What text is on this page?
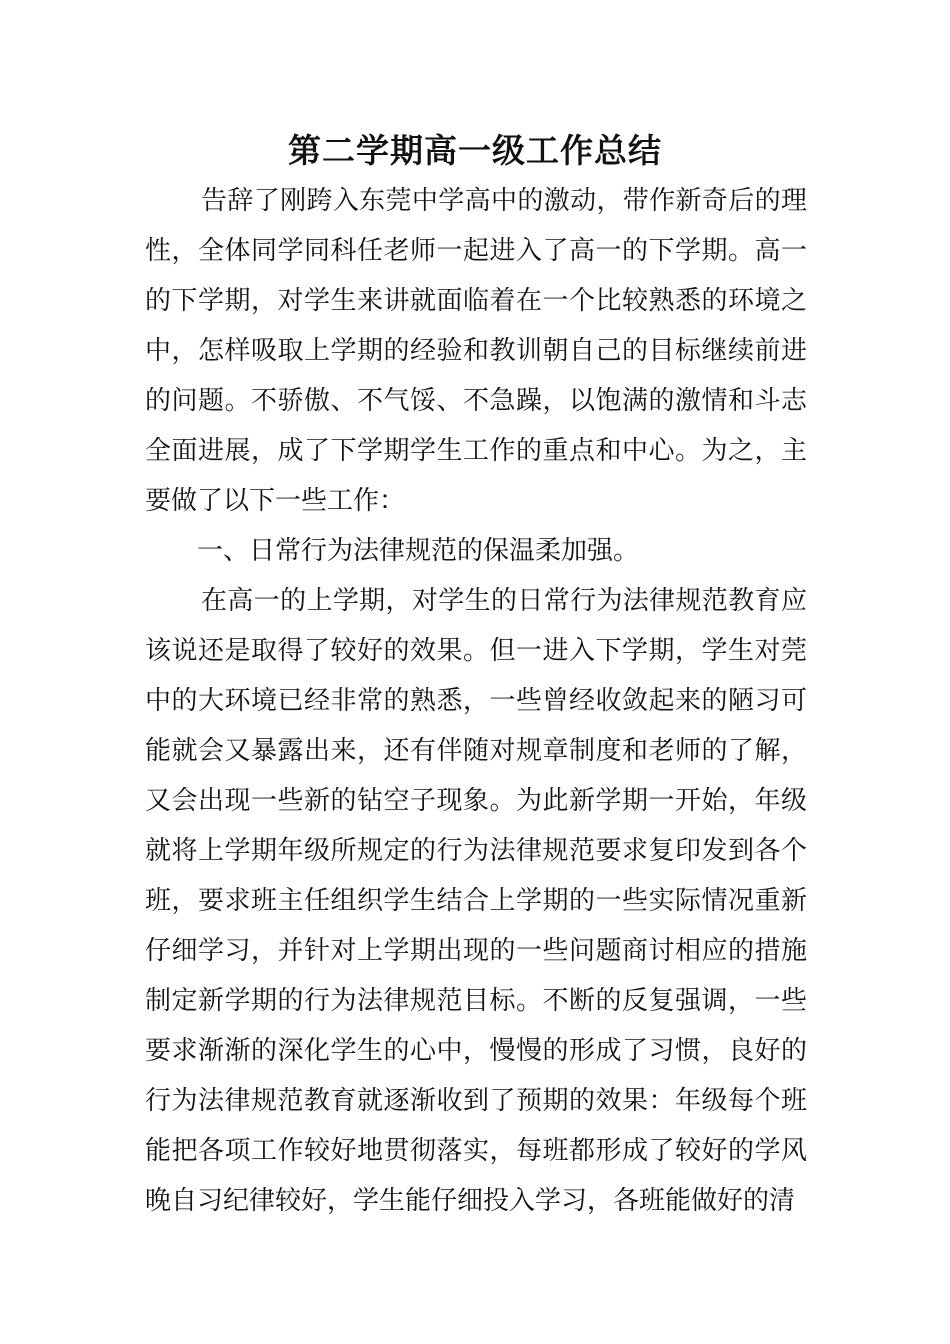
第二学期高一级工作总结

告辞了刚跨入东莞中学高中的激动，带作新奇后的理性，全体同学同科任老师一起进入了高一的下学期。高一的下学期，对学生来讲就面临着在一个比较熟悉的环境之中，怎样吸取上学期的经验和教训朝自己的目标继续前进的问题。不骄傲、不气馁、不急躁，以饱满的激情和斗志全面进展，成了下学期学生工作的重点和中心。为之，主要做了以下一些工作：

一、日常行为法律规范的保温柔加强。

在高一的上学期，对学生的日常行为法律规范教育应该说还是取得了较好的效果。但一进入下学期，学生对莞中的大环境已经非常的熟悉，一些曾经收敛起来的陋习可能就会又暴露出来，还有伴随对规章制度和老师的了解，又会出现一些新的钻空子现象。为此新学期一开始，年级就将上学期年级所规定的行为法律规范要求复印发到各个班，要求班主任组织学生结合上学期的一些实际情况重新仔细学习，并针对上学期出现的一些问题商讨相应的措施制定新学期的行为法律规范目标。不断的反复强调，一些要求渐渐的深化学生的心中，慢慢的形成了习惯，良好的行为法律规范教育就逐渐收到了预期的效果：年级每个班能把各项工作较好地贯彻落实，每班都形成了较好的学风晚自习纪律较好，学生能仔细投入学习，各班能做好的清
